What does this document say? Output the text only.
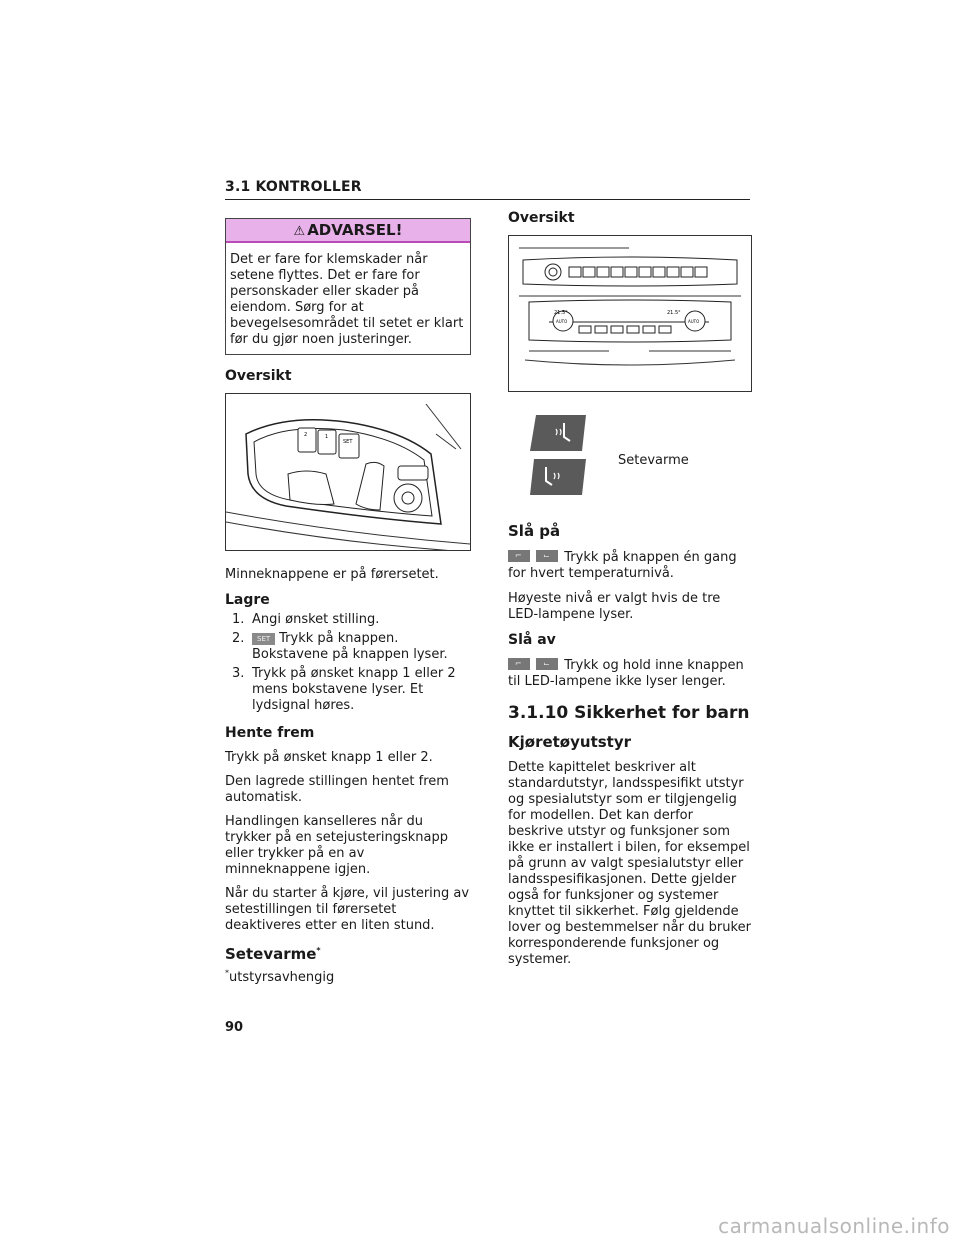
3.1 KONTROLLER
⚠ ADVARSEL!
Det er fare for klemskader når setene flyttes. Det er fare for personskader eller skader på eiendom. Sørg for at bevegelsesområdet til setet er klart før du gjør noen justeringer.
Oversikt
2	1
SET

Minneknappene er på førersetet.

Lagre
1. Angi ønsket stilling.
2. SET Trykk på knappen. Bokstavene på knappen lyser.
3. Trykk på ønsket knapp 1 eller 2 mens bokstavene lyser. Et lydsignal høres.
Hente frem

Trykk på ønsket knapp 1 eller 2.

Den lagrede stillingen hentet frem automatisk.

Handlingen kanselleres når du trykker på en setejusteringsknapp eller trykker på en av minneknappene igjen.

Når du starter å kjøre, vil justering av setestillingen til førersetet deaktiveres etter en liten stund.

Setevarme*

*utstyrsavhengig

Oversikt
21.5°	21.5°
AUTO	AUTO
Setevarme
Slå på

⌐
	⌙ Trykk på knappen én gang for hvert temperaturnivå.

Høyeste nivå er valgt hvis de tre LED-lampene lyser.

Slå av

⌐
	⌙ Trykk og hold inne knappen til LED-lampene ikke lyser lenger.

3.1.10 Sikkerhet for barn
Kjøretøyutstyr

Dette kapittelet beskriver alt standardutstyr, landsspesifikt utstyr og spesialutstyr som er tilgjengelig for modellen. Det kan derfor beskrive utstyr og funksjoner som ikke er installert i bilen, for eksempel på grunn av valgt spesialutstyr eller landsspesifikasjonen. Dette gjelder også for funksjoner og systemer knyttet til sikkerhet. Følg gjeldende lover og bestemmelser når du bruker korresponderende funksjoner og systemer.

90
carmanualsonline.info
